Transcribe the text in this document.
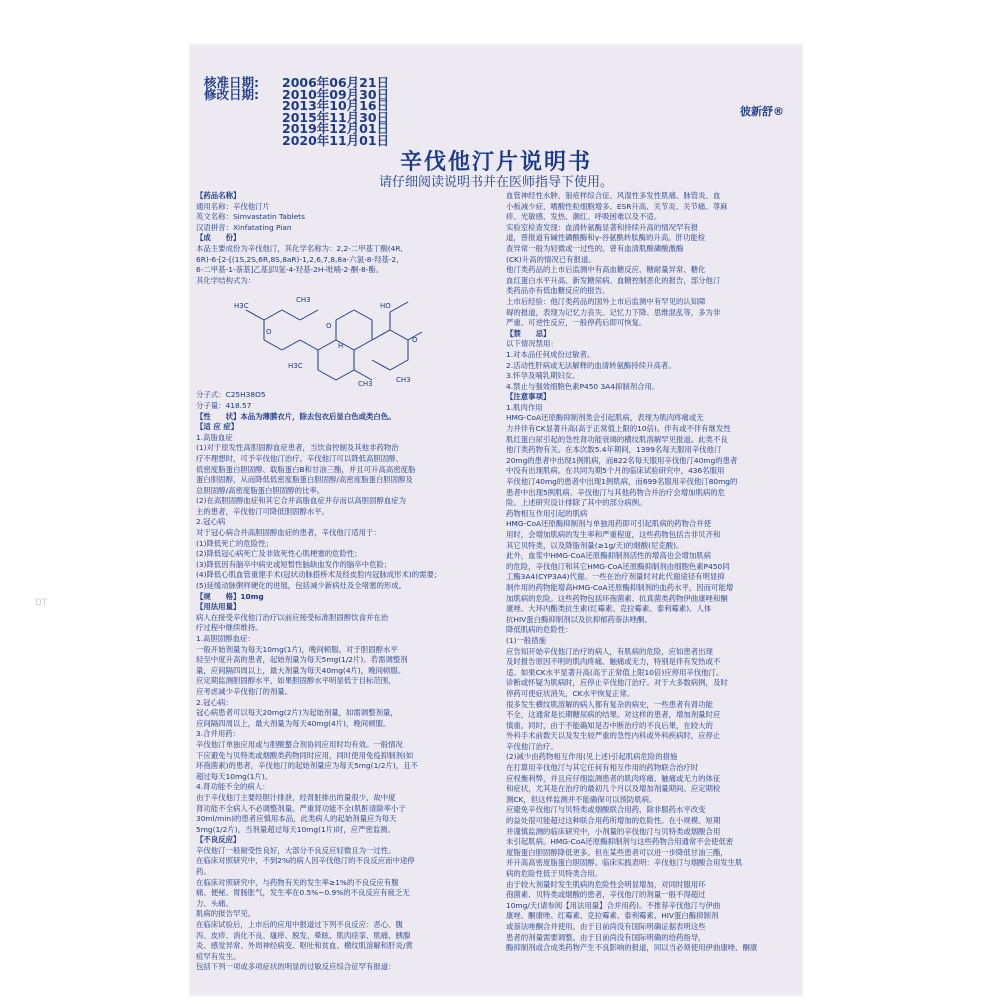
DT
核准日期:	2006年06月21日
修改日期:	2010年09月30日
2013年10月16日
2015年11月30日
2019年12月01日
2020年11月01日
彼新舒®
辛伐他汀片说明书
请仔细阅读说明书并在医师指导下使用。
【药品名称】
通用名称：辛伐他汀片
英文名称：Simvastatin Tablets
汉语拼音：Xinfatating Pian
【成　　份】
本品主要成份为辛伐他汀，其化学名称为：2,2-二甲基丁酸(4R,
6R)-6-[2-[(1S,2S,6R,8S,8aR)-1,2,6,7,8,8a-六氢-8-羟基-2,
6-二甲基-1-萘基]乙基]四氢-4-羟基-2H-吡喃-2-酮-8-酯。
其化学结构式为：
H3C
CH3
O
O
HO
H
CH3
O
H3C
CH3
分子式：C25H38O5
分子量：418.57
【性　　状】本品为薄膜衣片，除去包衣后显白色或类白色。
【适 应 症】
1.高脂血症
(1)对于原发性高胆固醇血症患者，当饮食控制及其他非药物治
疗不理想时，可予辛伐他汀治疗。辛伐他汀可以降低高胆固醇、
低密度脂蛋白胆固醇、载脂蛋白B和甘油三酯，并且可升高高密度脂
蛋白胆固醇，从而降低低密度脂蛋白胆固醇/高密度脂蛋白胆固醇及
总胆固醇/高密度脂蛋白胆固醇的比率。
(2)在高胆固醇血症和其它合并高脂血症并存而以高胆固醇血症为
主的患者，辛伐他汀可降低胆固醇水平。
2.冠心病
对于冠心病合并高胆固醇血症的患者，辛伐他汀适用于：
(1)降低死亡的危险性；
(2)降低冠心病死亡及非致死性心肌梗塞的危险性；
(3)降低因有脑卒中病史或短暂性脑缺血发作的脑卒中危险；
(4)降低心肌血管重建手术(冠状动脉搭桥术及经皮腔内冠脉成形术)的需要；
(5)延缓动脉粥样硬化的进展，包括减少新病灶及全堵塞的形成。
【规　　格】10mg
【用法用量】
病人在接受辛伐他汀治疗以前应接受标准胆固醇饮食并在治
疗过程中继续维持。
1.高胆固醇血症：
一般开始剂量为每天10mg(1片)，晚间顿服。对于胆固醇水平
轻至中度升高的患者，起始剂量为每天5mg(1/2片)。若需调整剂
量，应间隔四周以上，最大剂量为每天40mg(4片)，晚间顿服。
应定期监测胆固醇水平，如果胆固醇水平明显低于目标范围，
应考虑减少辛伐他汀的剂量。
2.冠心病：
冠心病患者可以每天20mg(2片)为起始剂量，如需调整剂量，
应间隔四周以上，最大剂量为每天40mg(4片)，晚间顿服。
3.合并用药：
辛伐他汀单独应用或与胆酸螯合剂协同应用时均有效。一般情况
下应避免与贝特类或烟酸类药物同时应用，同时使用免疫抑制剂(如
环孢菌素)的患者，辛伐他汀的起始剂量应为每天5mg(1/2片)，且不
超过每天10mg(1片)。
4.肾功能不全的病人：
由于辛伐他汀主要经胆汁排泄，经肾脏排出的量很少，故中度
肾功能不全病人不必调整剂量。严重肾功能不全(肌酐清除率小于
30ml/min)的患者应慎用本品，此类病人的起始剂量应为每天
5mg(1/2片)，当剂量超过每天10mg(1片)时，应严密监测。
【不良反应】
辛伐他汀一般耐受性良好，大部分不良反应轻微且为一过性。
在临床对照研究中，不到2%的病人因辛伐他汀的不良反应而中途停
药。
在临床对照研究中，与药物有关的发生率≥1%的不良反应有腹
痛、便秘、胃肠胀气，发生率在0.5%~0.9%的不良反应有疲乏无
力、头痛。
肌病的报告罕见。
在临床试验后，上市后的应用中报道过下列不良反应：恶心、腹
泻、皮疹、消化不良、瘙痒、脱发、晕眩、肌肉痉挛、肌痛、胰腺
炎、感觉异常、外周神经病变、呕吐和贫血、横纹肌溶解和肝炎/黄
疸罕有发生。
包括下列一项或多项症状的明显的过敏反应综合征罕有报道：
血管神经性水肿、狼疮样综合征、风湿性多发性肌痛、脉管炎、血
小板减少症、嗜酸性粒细胞增多、ESR升高、关节炎、关节痛、荨麻
疹、光敏感、发热、潮红、呼吸困难以及不适。
实验室检查发现：血清转氨酶显著和持续升高的情况罕有报
道，曾报道有碱性磷酸酶和γ-谷氨酰转肽酶的升高。肝功能检
查异常一般为轻微或一过性的。曾有血清肌酸磷酸激酶
(CK)升高的情况已有报道。
他汀类药品的上市后监测中有高血糖反应、糖耐量异常、糖化
血红蛋白水平升高、新发糖尿病、血糖控制恶化的报告，部分他汀
类药品亦有低血糖反应的报告。
上市后经验：他汀类药品的国外上市后监测中有罕见的认知障
碍的报道，表现为记忆力丧失、记忆力下降、思维混乱等，多为非
严重、可逆性反应，一般停药后即可恢复。
【禁　　忌】
以下情况禁用：
1.对本品任何成份过敏者。
2.活动性肝病或无法解释的血清转氨酶持续升高者。
3.怀孕及哺乳期妇女。
4.禁止与强效细胞色素P450 3A4抑制剂合用。
【注意事项】
1.肌肉作用
HMG-CoA还原酶抑制剂类会引起肌病，表现为肌肉疼痛或无
力并伴有CK显著升高(高于正常值上限的10倍)。伴有或不伴有继发性
肌红蛋白尿引起的急性肾功能衰竭的横纹肌溶解罕见报道。此类不良
他汀类药物有关。在本次数5.4年期间，1399名每天服用辛伐他汀
20mg的患者中出现1例肌病，而822名每天服用辛伐他汀40mg的患者
中没有出现肌病。在共同为期5个月的临床试验研究中，436名服用
辛伐他汀40mg的患者中出现1例肌病，而699名服用辛伐他汀80mg的
患者中出现5例肌病。辛伐他汀与其他药物合并治疗会增加肌病的危
险。上述研究设计排除了其中的部分病例。
药物相互作用引起的肌病
HMG-CoA还原酶抑制剂与单独用药即可引起肌病的药物合并使
用时，会增加肌病的发生率和严重程度，这些药物包括吉非贝齐和
其它贝特类，以及降脂剂量(≥1g/天)的烟酸(尼克酸)。
此外，血浆中HMG-CoA还原酶抑制剂活性的增高也会增加肌病
的危险，辛伐他汀和其它HMG-CoA还原酶抑制剂由细胞色素P450同
工酶3A4(CYP3A4)代谢。一些在治疗剂量时对此代谢途径有明显抑
制作用的药物能增高HMG-CoA还原酶抑制剂的血药水平，因而可能增
加肌病的危险。这些药物包括环孢菌素、抗真菌类药物伊曲康唑和酮
康唑、大环内酯类抗生素(红霉素、克拉霉素、泰利霉素)、人体
抗HIV蛋白酶抑制剂以及抗抑郁药萘法唑酮。
降低肌病的危险性：
(1)一般措施
应告知开始辛伐他汀治疗的病人，有肌病的危险，应如患者出现
及时报告原因不明的肌肉疼痛、触痛或无力，特别是伴有发热或不
适。如果CK水平显著升高(高于正常值上限10倍)应停用辛伐他汀。
诊断或怀疑为肌病时，应停止辛伐他汀治疗。对于大多数病例，及时
停药可使症状消失，CK水平恢复正常。
很多发生横纹肌溶解的病人都有复杂的病史，一些患者有肾功能
不全，这通常是长期糖尿病的结果。对这样的患者，增加剂量时应
慎重。同时，由于不能确知是否中断治疗的不良后果，在较大的
外科手术前数天以及发生较严重的急性内科或外科疾病时，应停止
辛伐他汀治疗。
(2)减少由药物相互作用(见上述)引起肌病危险的措施
在打算用辛伐他汀与其它任何有相互作用的药物联合治疗时
应权衡利弊，并且应仔细监测患者的肌肉疼痛、触痛或无力的体征
和症状，尤其是在治疗的最初几个月以及增加剂量期间。应定期检
测CK，但这样监测并不能确保可以预防肌病。
应避免辛伐他汀与贝特类或烟酸联合用药，除非服药水平改变
的益处很可能超过这种联合用药所增加的危险性。在小规模、短期
并谨慎监测的临床研究中，小剂量的辛伐他汀与贝特类或烟酸合用
未引起肌病。HMG-CoA还原酶抑制剂与这些药物合用通常不会使低密
度脂蛋白胆固醇降低更多。但在某些患者可以进一步降低甘油三酯，
并升高高密度脂蛋白胆固醇。临床实践表明：辛伐他汀与烟酸合用发生肌
病的危险性低于贝特类合用。
由于较大剂量时发生肌病的危险性会明显增加，对同时服用环
孢菌素、贝特类或烟酸的患者，辛伐他汀的剂量一般不得超过
10mg/天(请参阅【用法用量】合并用药)。不推荐辛伐他汀与伊曲
康唑、酮康唑、红霉素、克拉霉素、泰利霉素、HIV蛋白酶抑制剂
或萘法唑酮合并使用。由于目前尚没有国际明确证据表明这些
患者的剂量需要调整。由于目前尚没有国际明确的给药指导，
酶抑制剂或合成类药物产生不良影响的报道，同以当必须使用伊曲康唑、酮康
